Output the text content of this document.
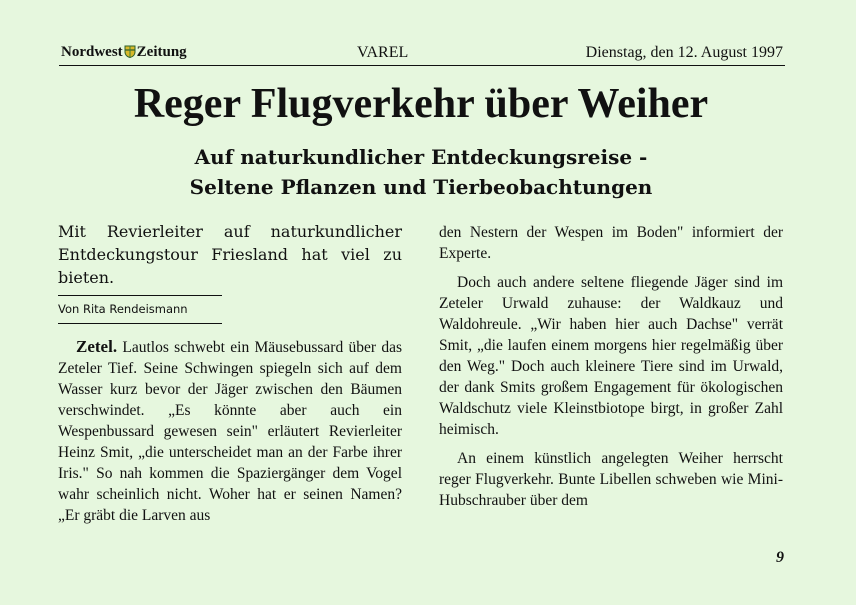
Nordwest Zeitung	VAREL	Dienstag, den 12. August 1997
Reger Flugverkehr über Weiher
Auf naturkundlicher Entdeckungsreise -
Seltene Pflanzen und Tierbeobachtungen

Mit Revierleiter auf naturkundlicher Entdeckungstour Friesland hat viel zu bieten.

Von Rita Rendeismann

Zetel. Lautlos schwebt ein Mäusebussard über das Zeteler Tief. Seine Schwingen spiegeln sich auf dem Wasser kurz bevor der Jäger zwischen den Bäumen verschwindet. „Es könnte aber auch ein Wespenbussard gewesen sein" erläutert Revierleiter Heinz Smit, „die unterscheidet man an der Farbe ihrer Iris." So nah kommen die Spaziergänger dem Vogel wahr scheinlich nicht. Woher hat er seinen Namen? „Er gräbt die Larven aus

den Nestern der Wespen im Boden" informiert der Experte.

Doch auch andere seltene fliegende Jäger sind im Zeteler Urwald zuhause: der Waldkauz und Waldohreule. „Wir haben hier auch Dachse" verrät Smit, „die laufen einem morgens hier regelmäßig über den Weg." Doch auch kleinere Tiere sind im Urwald, der dank Smits großem Engagement für ökologischen Waldschutz viele Kleinstbiotope birgt, in großer Zahl heimisch.

An einem künstlich angelegten Weiher herrscht reger Flugverkehr. Bunte Libellen schweben wie Mini-Hubschrauber über dem

9
